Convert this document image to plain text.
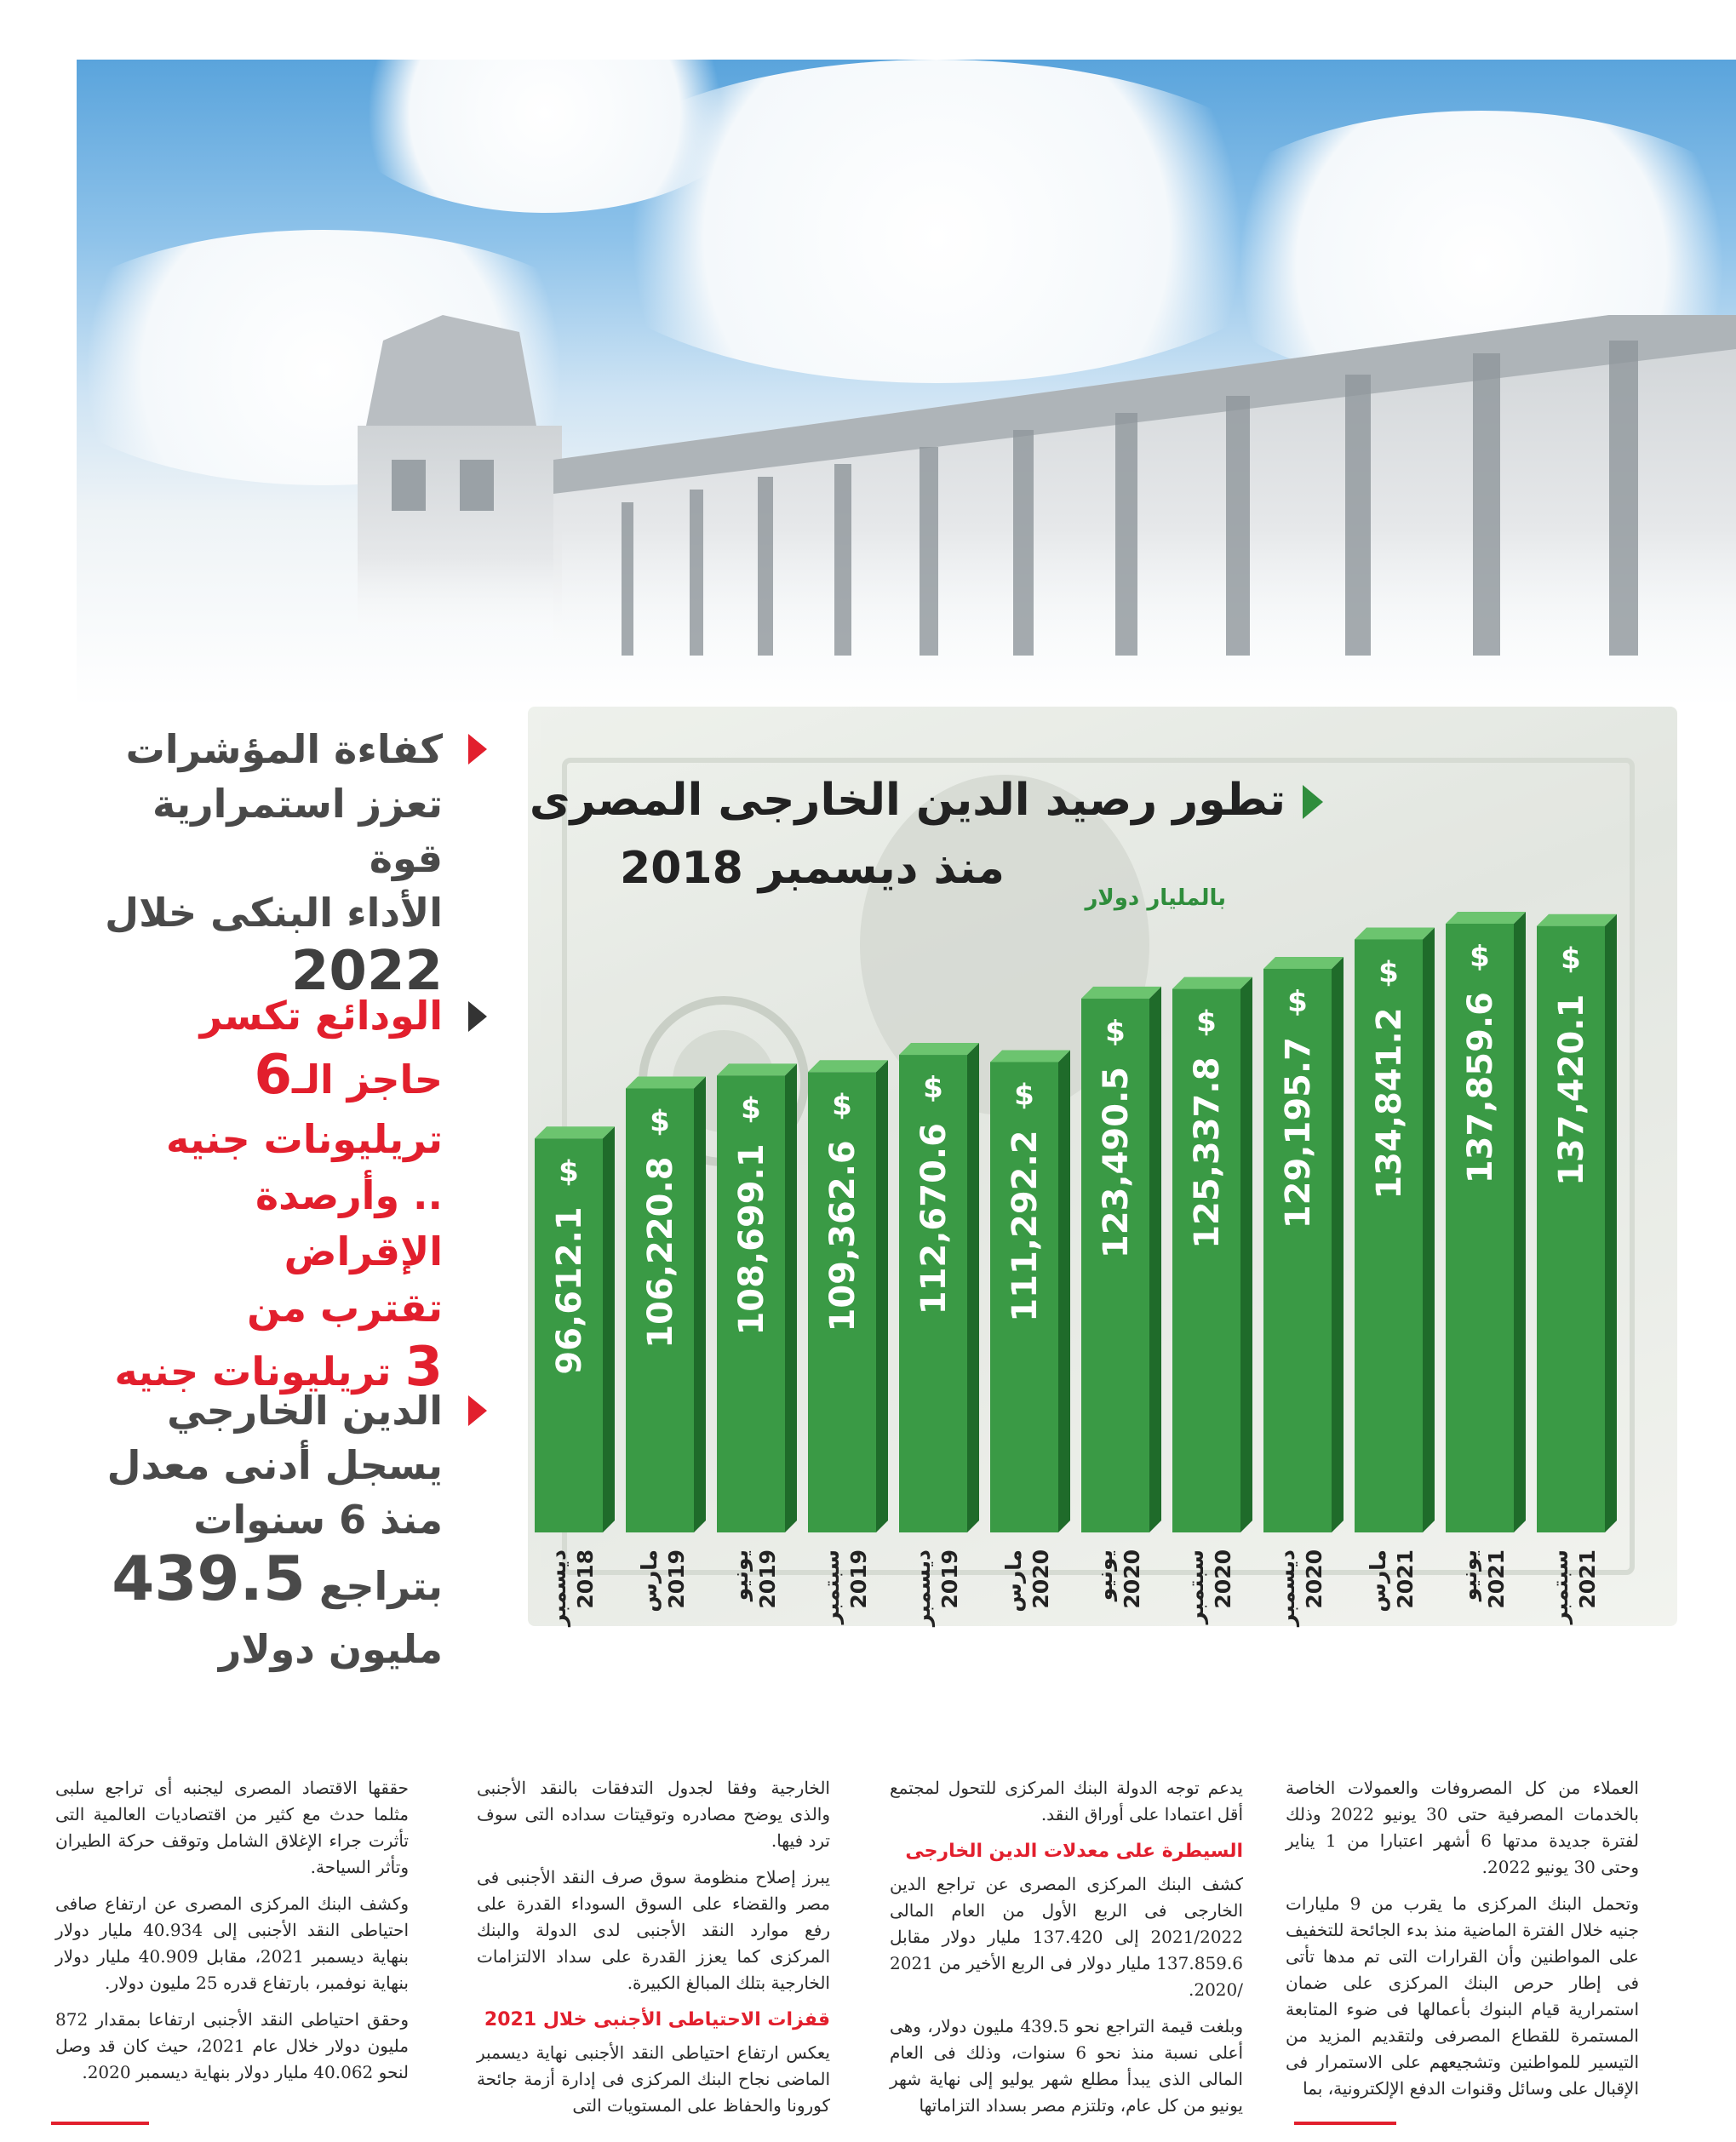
كفاءة المؤشرات
تعزز استمرارية قوة
الأداء البنكى خلال
2022
الودائع تكسر
حاجز الـ6
تريليونات جنيه
.. وأرصدة الإقراض
تقترب من
3 تريليونات جنيه
الدين الخارجي
يسجل أدنى معدل
منذ 6 سنوات
بتراجع 439.5
مليون دولار
تطور رصيد الدين الخارجى المصرى
منذ ديسمبر 2018
بالمليار دولار
$
96,612.1
ديسمبر 2018
$
106,220.8
مارس 2019
$
108,699.1
يونيو 2019
$
109,362.6
سبتمبر 2019
$
112,670.6
ديسمبر 2019
$
111,292.2
مارس 2020
$
123,490.5
يونيو 2020
$
125,337.8
سبتمبر 2020
$
129,195.7
ديسمبر 2020
$
134,841.2
مارس 2021
$
137,859.6
يونيو 2021
$
137,420.1
سبتمبر 2021

العملاء من كل المصروفات والعمولات الخاصة بالخدمات المصرفية حتى 30 يونيو 2022 وذلك لفترة جديدة مدتها 6 أشهر اعتبارا من 1 يناير وحتى 30 يونيو 2022.

وتحمل البنك المركزى ما يقرب من 9 مليارات جنيه خلال الفترة الماضية منذ بدء الجائحة للتخفيف على المواطنين وأن القرارات التى تم مدها تأتى فى إطار حرص البنك المركزى على ضمان استمرارية قيام البنوك بأعمالها فى ضوء المتابعة المستمرة للقطاع المصرفى ولتقديم المزيد من التيسير للمواطنين وتشجيعهم على الاستمرار فى الإقبال على وسائل وقنوات الدفع الإلكترونية، بما

يدعم توجه الدولة البنك المركزى للتحول لمجتمع أقل اعتمادا على أوراق النقد.

السيطرة على معدلات الدين الخارجى

كشف البنك المركزى المصرى عن تراجع الدين الخارجى فى الربع الأول من العام المالى 2021/2022 إلى 137.420 مليار دولار مقابل 137.859.6 مليار دولار فى الربع الأخير من 2021 /2020.

وبلغت قيمة التراجع نحو 439.5 مليون دولار، وهى أعلى نسبة منذ نحو 6 سنوات، وذلك فى العام المالى الذى يبدأ مطلع شهر يوليو إلى نهاية شهر يونيو من كل عام، وتلتزم مصر بسداد التزاماتها

الخارجية وفقا لجدول التدفقات بالنقد الأجنبى والذى يوضح مصادره وتوقيتات سداده التى سوف ترد فيها.

يبرز إصلاح منظومة سوق صرف النقد الأجنبى فى مصر والقضاء على السوق السوداء القدرة على رفع موارد النقد الأجنبى لدى الدولة والبنك المركزى كما يعزز القدرة على سداد الالتزامات الخارجية بتلك المبالغ الكبيرة.

قفزات الاحتياطى الأجنبى خلال 2021

يعكس ارتفاع احتياطى النقد الأجنبى نهاية ديسمبر الماضى نجاح البنك المركزى فى إدارة أزمة جائحة كورونا والحفاظ على المستويات التى

حققها الاقتصاد المصرى ليجنبه أى تراجع سلبى مثلما حدث مع كثير من اقتصاديات العالمية التى تأثرت جراء الإغلاق الشامل وتوقف حركة الطيران وتأثر السياحة.

وكشف البنك المركزى المصرى عن ارتفاع صافى احتياطى النقد الأجنبى إلى 40.934 مليار دولار بنهاية ديسمبر 2021، مقابل 40.909 مليار دولار بنهاية نوفمبر، بارتفاع قدره 25 مليون دولار.

وحقق احتياطى النقد الأجنبى ارتفاعا بمقدار 872 مليون دولار خلال عام 2021، حيث كان قد وصل لنحو 40.062 مليار دولار بنهاية ديسمبر 2020.
